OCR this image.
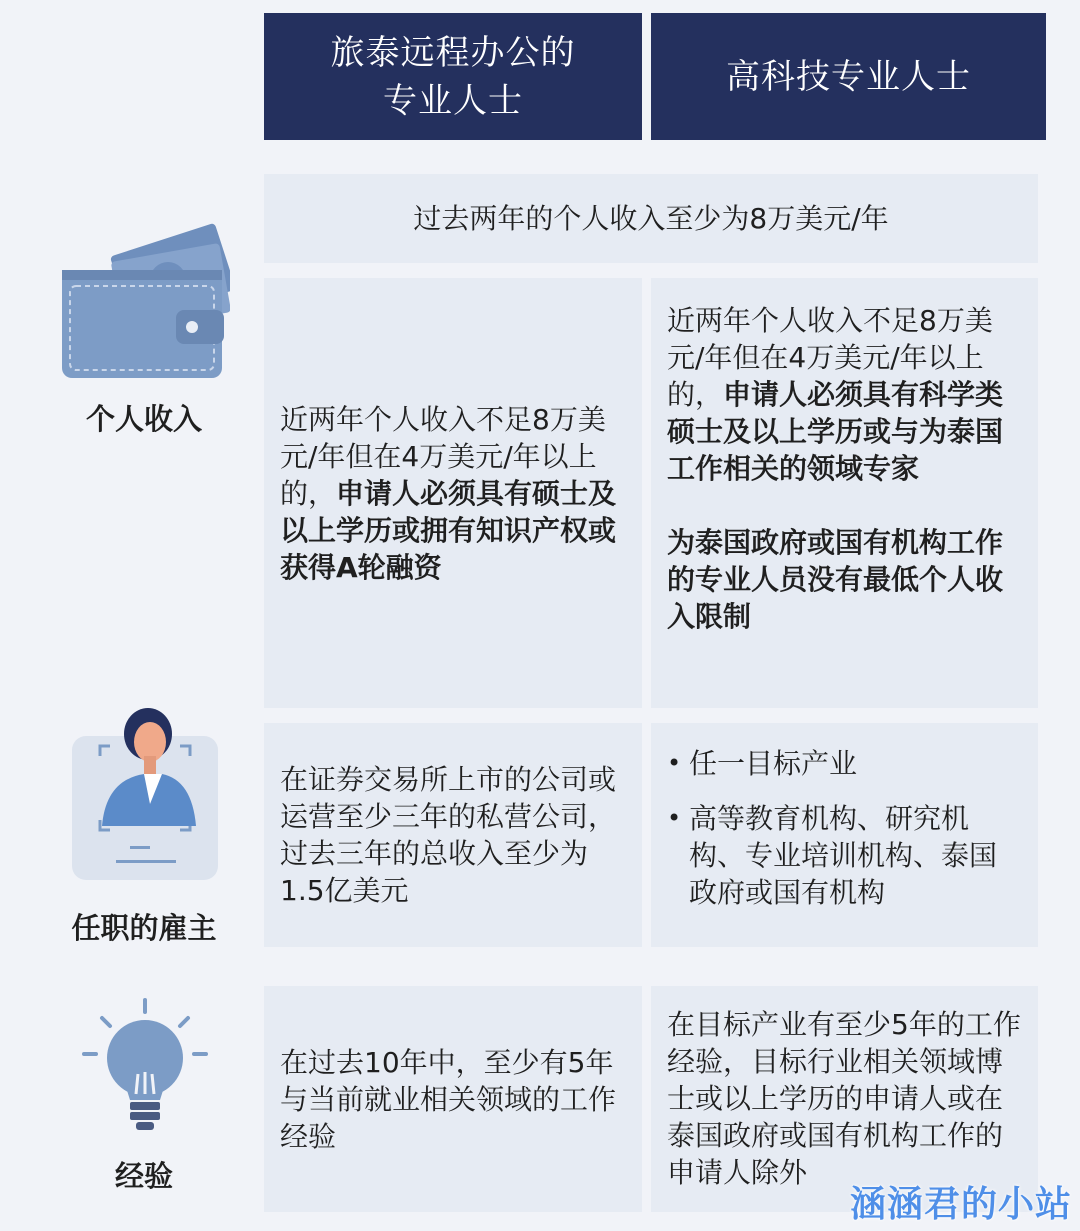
旅泰远程办公的
专业人士
高科技专业人士
过去两年的个人收入至少为8万美元/年
近两年个人收入不足8万美元/年但在4万美元/年以上的，申请人必须具有硕士及以上学历或拥有知识产权或获得A轮融资
近两年个人收入不足8万美元/年但在4万美元/年以上的，申请人必须具有科学类硕士及以上学历或与为泰国工作相关的领域专家
为泰国政府或国有机构工作的专业人员没有最低个人收入限制
在证券交易所上市的公司或运营至少三年的私营公司，过去三年的总收入至少为1.5亿美元
• 任一目标产业
• 高等教育机构、研究机构、专业培训机构、泰国政府或国有机构
在过去10年中，至少有5年与当前就业相关领域的工作经验
在目标产业有至少5年的工作经验，目标行业相关领域博士或以上学历的申请人或在泰国政府或国有机构工作的申请人除外
个人收入
任职的雇主
经验
涵涵君的小站
